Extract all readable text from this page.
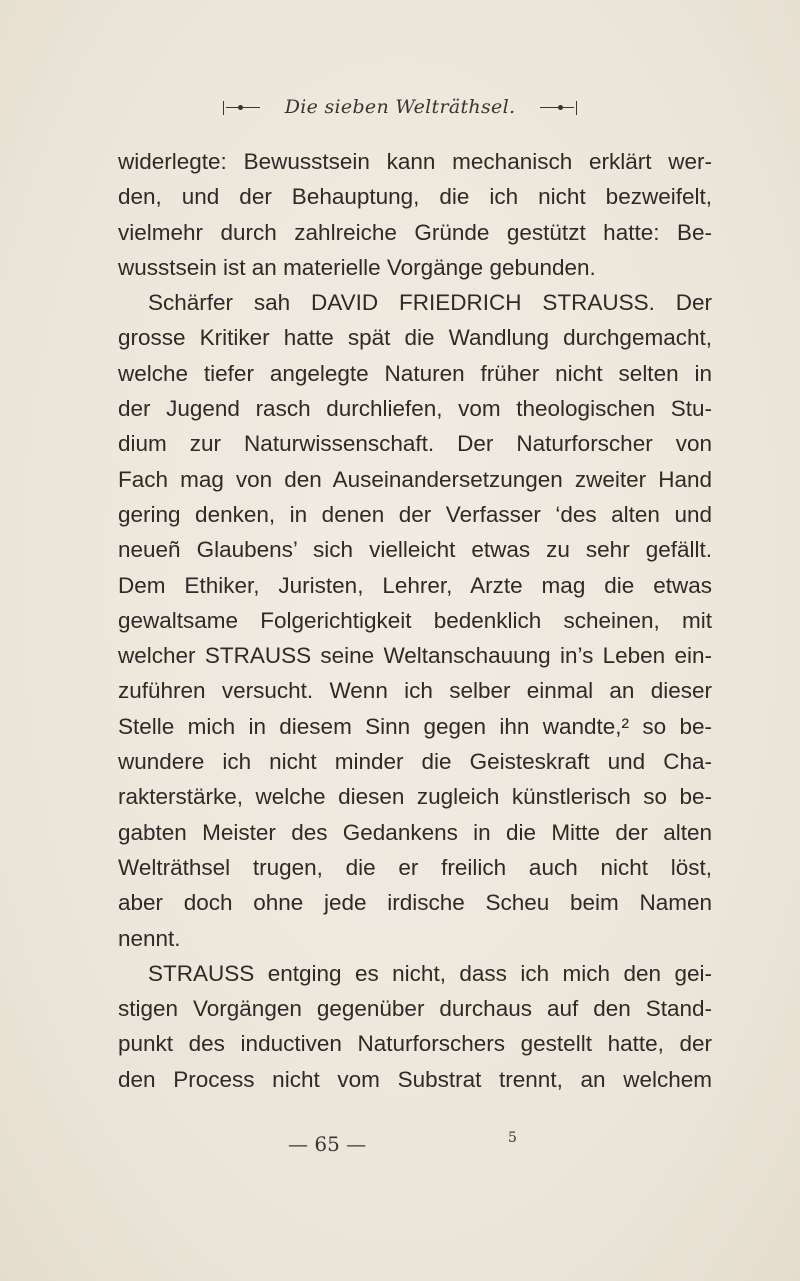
Die sieben Welträthsel.
widerlegte: Bewusstsein kann mechanisch erklärt wer-
den, und der Behauptung, die ich nicht bezweifelt,
vielmehr durch zahlreiche Gründe gestützt hatte: Be-
wusstsein ist an materielle Vorgänge gebunden.
Schärfer sah DAVID FRIEDRICH STRAUSS. Der
grosse Kritiker hatte spät die Wandlung durchgemacht,
welche tiefer angelegte Naturen früher nicht selten in
der Jugend rasch durchliefen, vom theologischen Stu-
dium zur Naturwissenschaft. Der Naturforscher von
Fach mag von den Auseinandersetzungen zweiter Hand
gering denken, in denen der Verfasser ‘des alten und
neueñ Glaubens’ sich vielleicht etwas zu sehr gefällt.
Dem Ethiker, Juristen, Lehrer, Arzte mag die etwas
gewaltsame Folgerichtigkeit bedenklich scheinen, mit
welcher STRAUSS seine Weltanschauung in’s Leben ein-
zuführen versucht. Wenn ich selber einmal an dieser
Stelle mich in diesem Sinn gegen ihn wandte,² so be-
wundere ich nicht minder die Geisteskraft und Cha-
rakterstärke, welche diesen zugleich künstlerisch so be-
gabten Meister des Gedankens in die Mitte der alten
Welträthsel trugen, die er freilich auch nicht löst,
aber doch ohne jede irdische Scheu beim Namen
nennt.
STRAUSS entging es nicht, dass ich mich den gei-
stigen Vorgängen gegenüber durchaus auf den Stand-
punkt des inductiven Naturforschers gestellt hatte, der
den Process nicht vom Substrat trennt, an welchem
— 65 —	5
